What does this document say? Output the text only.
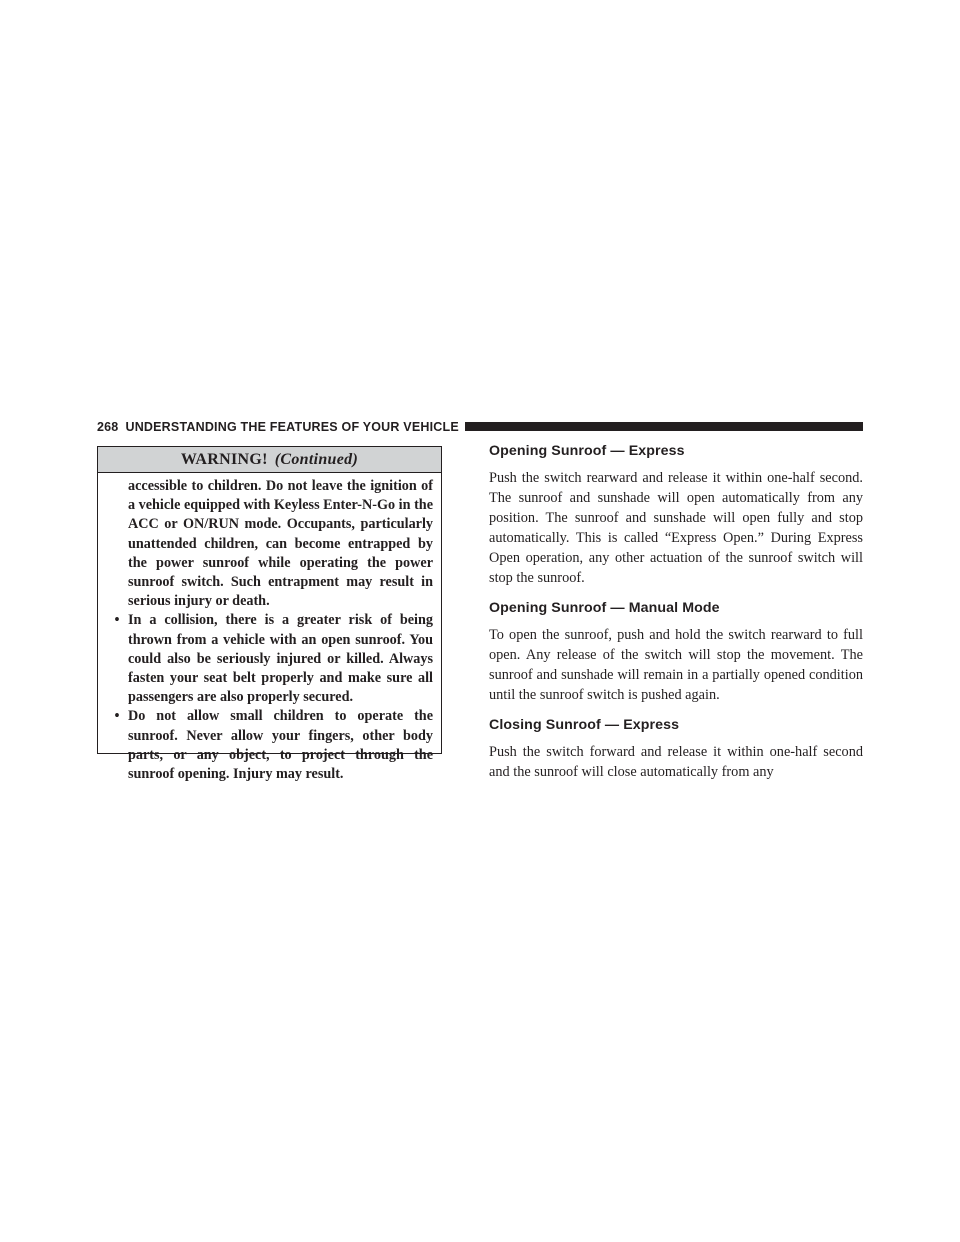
268 UNDERSTANDING THE FEATURES OF YOUR VEHICLE
WARNING! (Continued)

accessible to children. Do not leave the ignition of a vehicle equipped with Keyless Enter-N-Go in the ACC or ON/RUN mode. Occupants, particularly unattended children, can become entrapped by the power sunroof while operating the power sunroof switch. Such entrapment may result in serious injury or death.

• In a collision, there is a greater risk of being thrown from a vehicle with an open sunroof. You could also be seriously injured or killed. Always fasten your seat belt properly and make sure all passengers are also properly secured.
• Do not allow small children to operate the sunroof. Never allow your fingers, other body parts, or any object, to project through the sunroof opening. Injury may result.
Opening Sunroof — Express
Push the switch rearward and release it within one-half second. The sunroof and sunshade will open automatically from any position. The sunroof and sunshade will open fully and stop automatically. This is called “Express Open.” During Express Open operation, any other actuation of the sunroof switch will stop the sunroof.
Opening Sunroof — Manual Mode
To open the sunroof, push and hold the switch rearward to full open. Any release of the switch will stop the movement. The sunroof and sunshade will remain in a partially opened condition until the sunroof switch is pushed again.
Closing Sunroof — Express
Push the switch forward and release it within one-half second and the sunroof will close automatically from any
